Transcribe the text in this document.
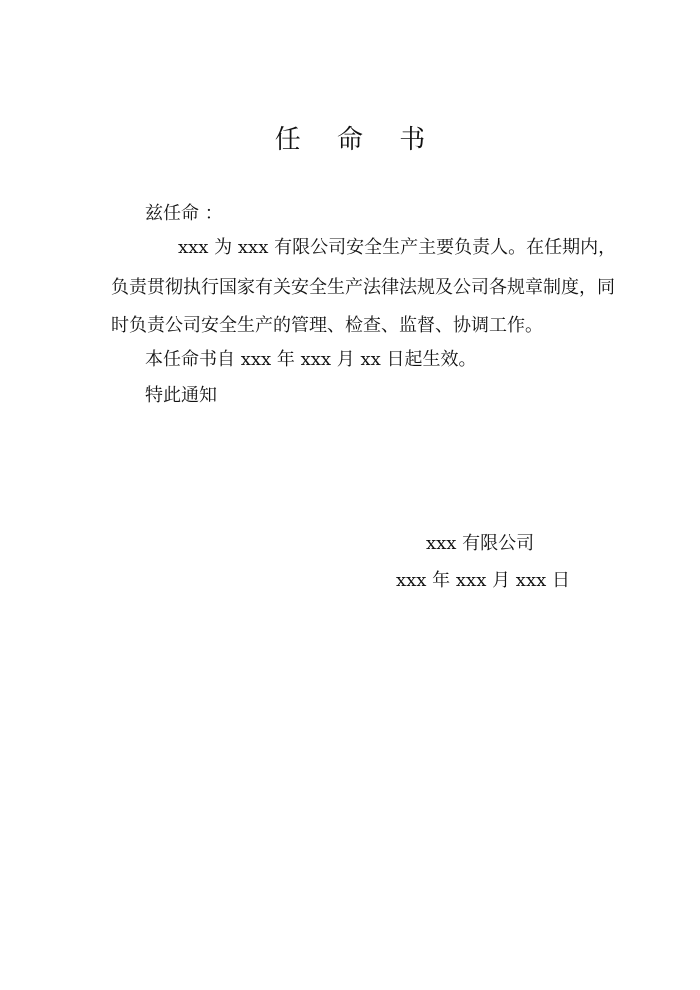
任 命 书
兹任命 ：
xxx 为 xxx 有限公司安全生产主要负责人。在任期内，
负责贯彻执行国家有关安全生产法律法规及公司各规章制度，同
时负责公司安全生产的管理、检查、监督、协调工作。
本任命书自 xxx 年 xxx 月 xx 日起生效。
特此通知
xxx 有限公司
xxx 年 xxx 月 xxx 日
